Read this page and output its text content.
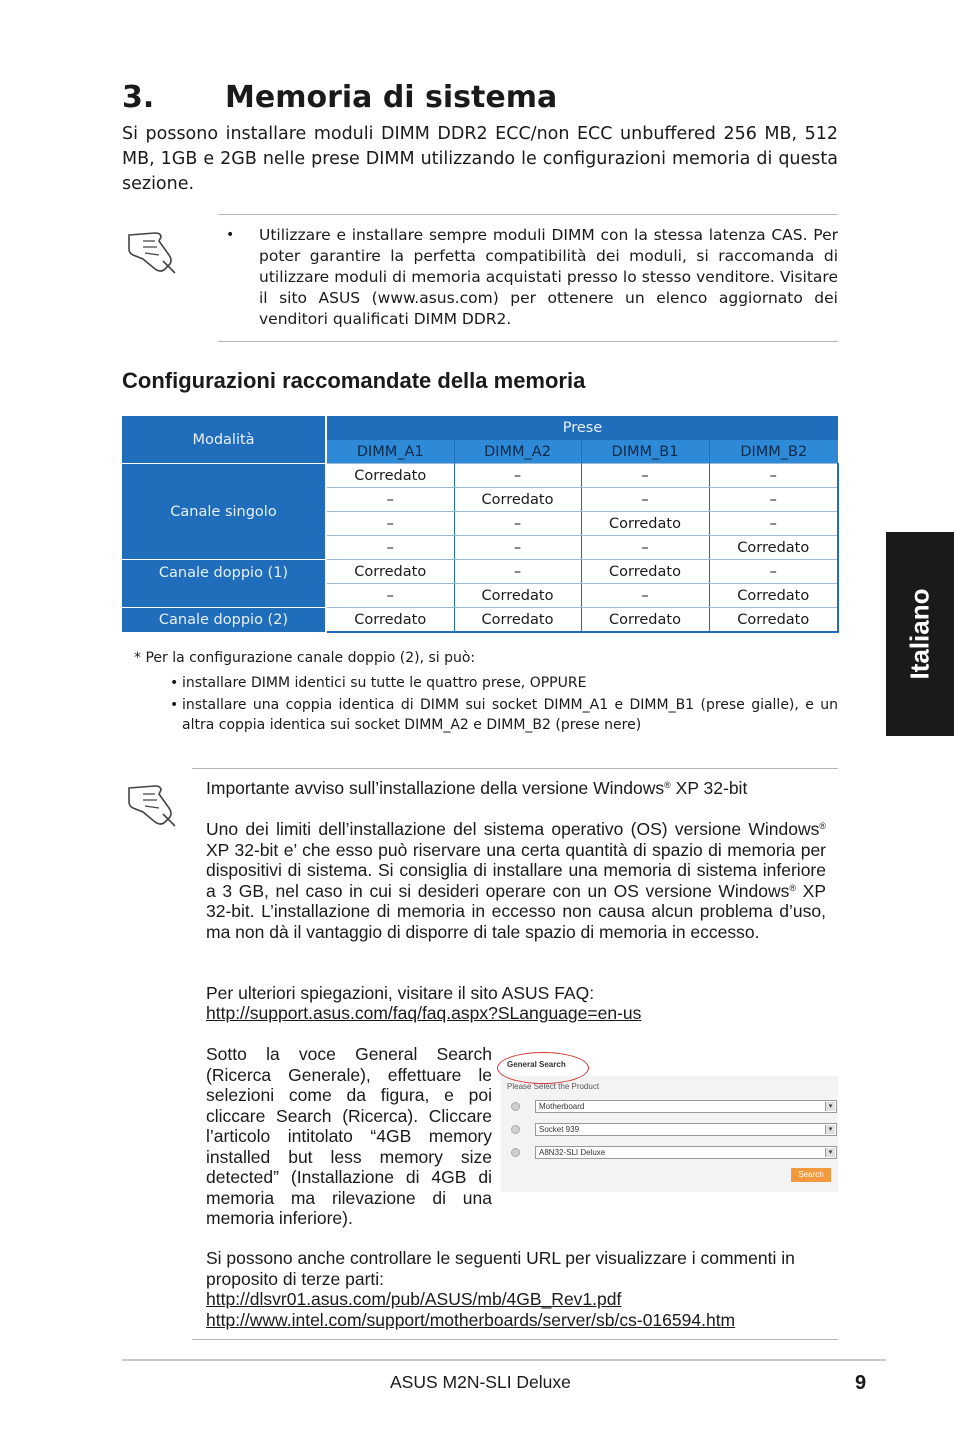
3. Memoria di sistema
Si possono installare moduli DIMM DDR2 ECC/non ECC unbuffered 256 MB, 512 MB, 1GB e 2GB nelle prese DIMM utilizzando le configurazioni memoria di questa sezione.
• Utilizzare e installare sempre moduli DIMM con la stessa latenza CAS. Per poter garantire la perfetta compatibilità dei moduli, si raccomanda di utilizzare moduli di memoria acquistati presso lo stesso venditore. Visitare il sito ASUS (www.asus.com) per ottenere un elenco aggiornato dei venditori qualificati DIMM DDR2.
Configurazioni raccomandate della memoria
Modalità	Prese			
	DIMM_A1	DIMM_A2	DIMM_B1	DIMM_B2
Canale singolo	Corredato	–	–	–
	–	Corredato	–	–
	–	–	Corredato	–
	–	–	–	Corredato
Canale doppio (1)	Corredato	–	Corredato	–
	–	Corredato	–	Corredato
Canale doppio (2)	Corredato	Corredato	Corredato	Corredato
* Per la configurazione canale doppio (2), si può:
• installare DIMM identici su tutte le quattro prese, OPPURE
• installare una coppia identica di DIMM sui socket DIMM_A1 e DIMM_B1 (prese gialle), e un altra coppia identica sui socket DIMM_A2 e DIMM_B2 (prese nere)
Importante avviso sull’installazione della versione Windows® XP 32-bit
Uno dei limiti dell’installazione del sistema operativo (OS) versione Windows® XP 32-bit e’ che esso può riservare una certa quantità di spazio di memoria per dispositivi di sistema. Si consiglia di installare una memoria di sistema inferiore a 3 GB, nel caso in cui si desideri operare con un OS versione Windows® XP 32-bit. L’installazione di memoria in eccesso non causa alcun problema d’uso, ma non dà il vantaggio di disporre di tale spazio di memoria in eccesso.
Per ulteriori spiegazioni, visitare il sito ASUS FAQ:
http://support.asus.com/faq/faq.aspx?SLanguage=en-us
Sotto la voce General Search (Ricerca Generale), effettuare le selezioni come da figura, e poi cliccare Search (Ricerca). Cliccare l’articolo intitolato “4GB memory installed but less memory size detected” (Installazione di 4GB di memoria ma rilevazione di una memoria inferiore).
Please Select the Product
Motherboard	▾
Socket 939	▾
A8N32-SLI Deluxe	▾
Search
General Search
Si possono anche controllare le seguenti URL per visualizzare i commenti in proposito di terze parti:
http://dlsvr01.asus.com/pub/ASUS/mb/4GB_Rev1.pdf
http://www.intel.com/support/motherboards/server/sb/cs-016594.htm
Italiano
ASUS M2N-SLI Deluxe	9
